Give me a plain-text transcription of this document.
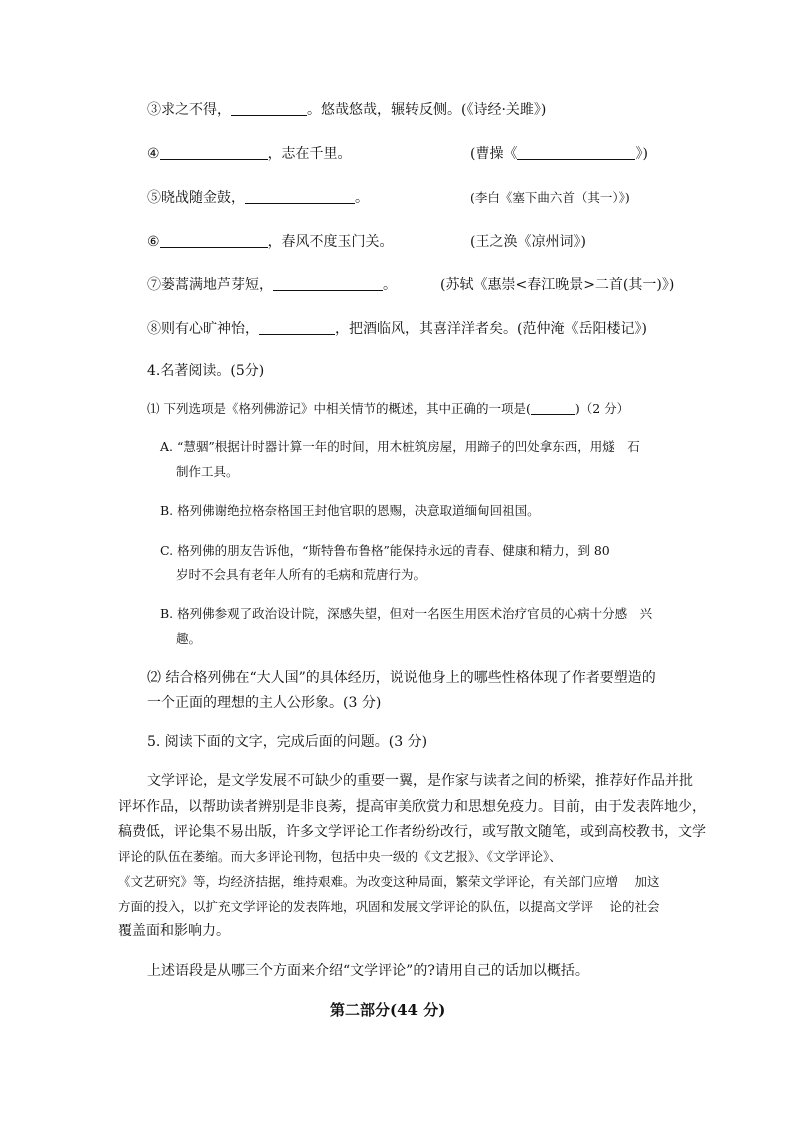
③求之不得，	。悠哉悠哉，辗转反侧。(《诗经·关雎》)
④	，志在千里。	(曹操《	》)
⑤晓战随金鼓，	。	(李白《塞下曲六首（其一）》)
⑥	，春风不度玉门关。	(王之涣《凉州词》)
⑦蒌蒿满地芦芽短，	。	(苏轼《惠崇<春江晚景>二首(其一)》)
⑧则有心旷神怡，	，把酒临风，其喜洋洋者矣。(范仲淹《岳阳楼记》)
4.名著阅读。(5分)
⑴ 下列选项是《格列佛游记》中相关情节的概述，其中正确的一项是(	)（2 分）
A. “慧骃”根据计时器计算一年的时间，用木桩筑房屋，用蹄子的凹处拿东西，用燧　石
制作工具。
B. 格列佛谢绝拉格奈格国王封他官职的恩赐，决意取道缅甸回祖国。
C. 格列佛的朋友告诉他，“斯特鲁布鲁格”能保持永远的青春、健康和精力，到 80
岁时不会具有老年人所有的毛病和荒唐行为。
B. 格列佛参观了政治设计院，深感失望，但对一名医生用医术治疗官员的心病十分感　兴
趣。
⑵ 结合格列佛在“大人国”的具体经历，说说他身上的哪些性格体现了作者要塑造的
一个正面的理想的主人公形象。(3 分)
5. 阅读下面的文字，完成后面的问题。(3 分)
文学评论，是文学发展不可缺少的重要一翼，是作家与读者之间的桥梁，推荐好作品并批
评坏作品，以帮助读者辨别是非良莠，提高审美欣赏力和思想免疫力。目前，由于发表阵地少，
稿费低，评论集不易出版，许多文学评论工作者纷纷改行，或写散文随笔，或到高校教书，文学
评论的队伍在萎缩。而大多评论刊物，包括中央一级的《文艺报》、《文学评论》、
《文艺研究》等，均经济拮据，维持艰难。为改变这种局面，繁荣文学评论，有关部门应增　 加这
方面的投入，以扩充文学评论的发表阵地，巩固和发展文学评论的队伍，以提高文学评　 论的社会
覆盖面和影响力。
上述语段是从哪三个方面来介绍“文学评论”的?请用自己的话加以概括。
第二部分(44 分)
